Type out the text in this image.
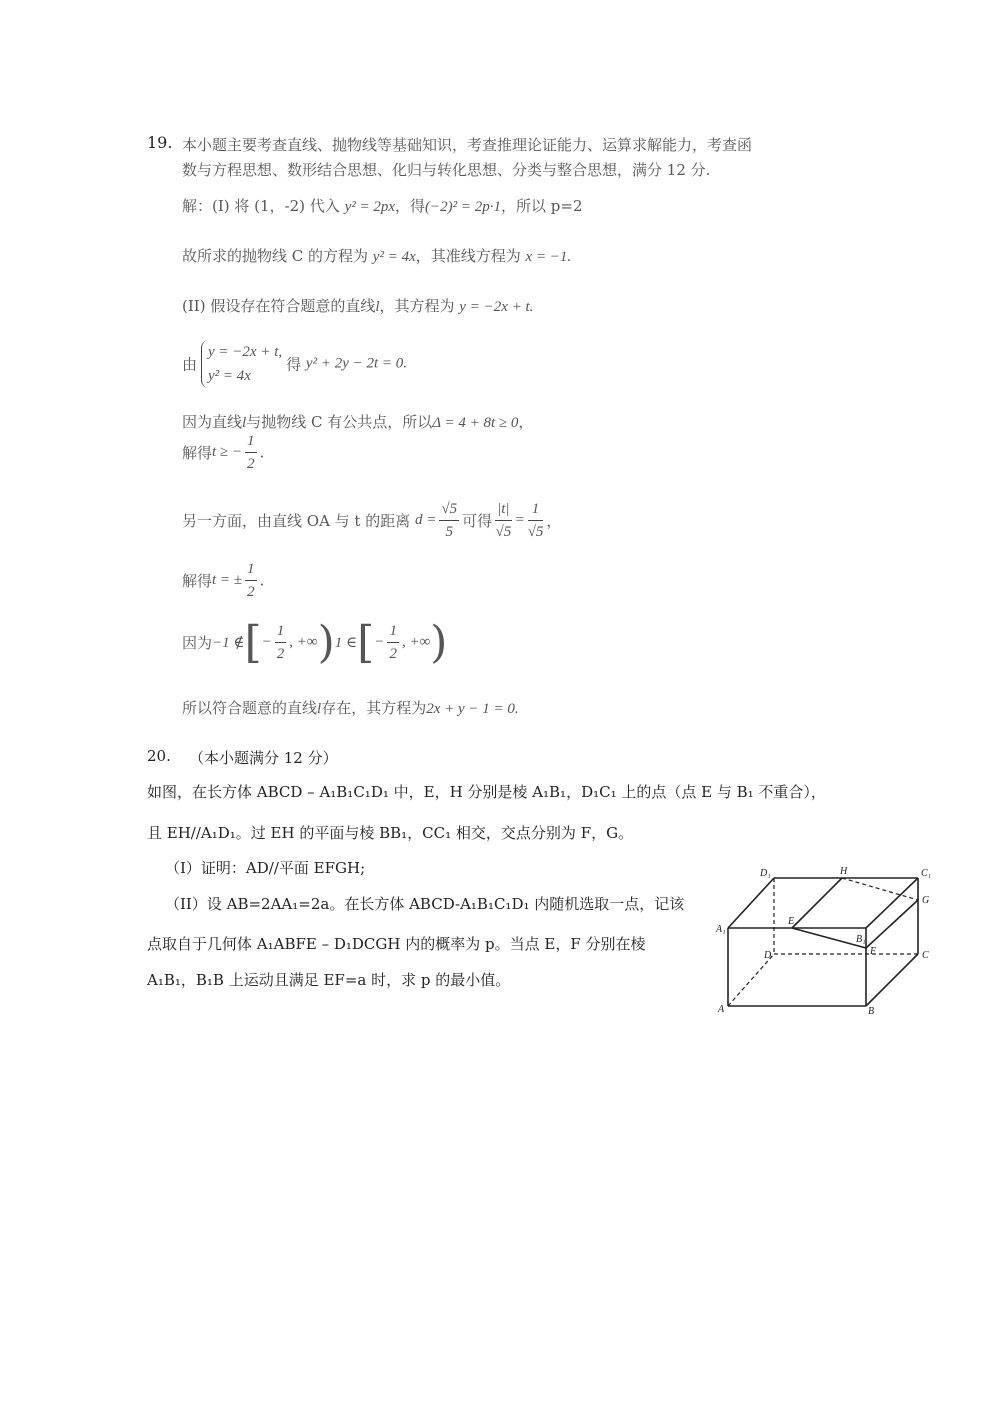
19. 本小题主要考查直线、抛物线等基础知识，考查推理论证能力、运算求解能力，考查函
数与方程思想、数形结合思想、化归与转化思想、分类与整合思想，满分 12 分.
解：(I) 将 (1，-2) 代入 y² = 2px，得(−2)² = 2p·1，所以 p=2
故所求的抛物线 C 的方程为 y² = 4x，其准线方程为 x = −1.
(II) 假设存在符合题意的直线l，其方程为 y = −2x + t.
由
y = −2x + t,
y² = 4x
得 y² + 2y − 2t = 0.
因为直线l与抛物线 C 有公共点，所以Δ = 4 + 8t ≥ 0，
解得t ≥ − $\frac{1}{2}$ .
另一方面，由直线 OA 与 t 的距离 $d = \frac{√5}{5}$ 可得 $\frac{|t|}{√5} = \frac{1}{√5}$ ，
解得t = ± $\frac{1}{2}$ .
因为−1 ∉[− $\frac{1}{2}$ , +∞)1 ∈[− $\frac{1}{2}$ , +∞)
所以符合题意的直线l存在，其方程为2x + y − 1 = 0.
20. （本小题满分 12 分）
如图，在长方体 ABCD – A₁B₁C₁D₁ 中，E，H 分别是棱 A₁B₁，D₁C₁ 上的点（点 E 与 B₁ 不重合），
且 EH//A₁D₁。过 EH 的平面与棱 BB₁，CC₁ 相交，交点分别为 F，G。
（I）证明：AD//平面 EFGH;
（II）设 AB=2AA₁=2a。在长方体 ABCD-A₁B₁C₁D₁ 内随机选取一点，记该
点取自于几何体 A₁ABFE – D₁DCGH 内的概率为 p。当点 E，F 分别在棱
A₁B₁，B₁B 上运动且满足 EF=a 时，求 p 的最小值。
D₁	H	C₁
G
A₁
E
B₁
F
D	C
A	B
